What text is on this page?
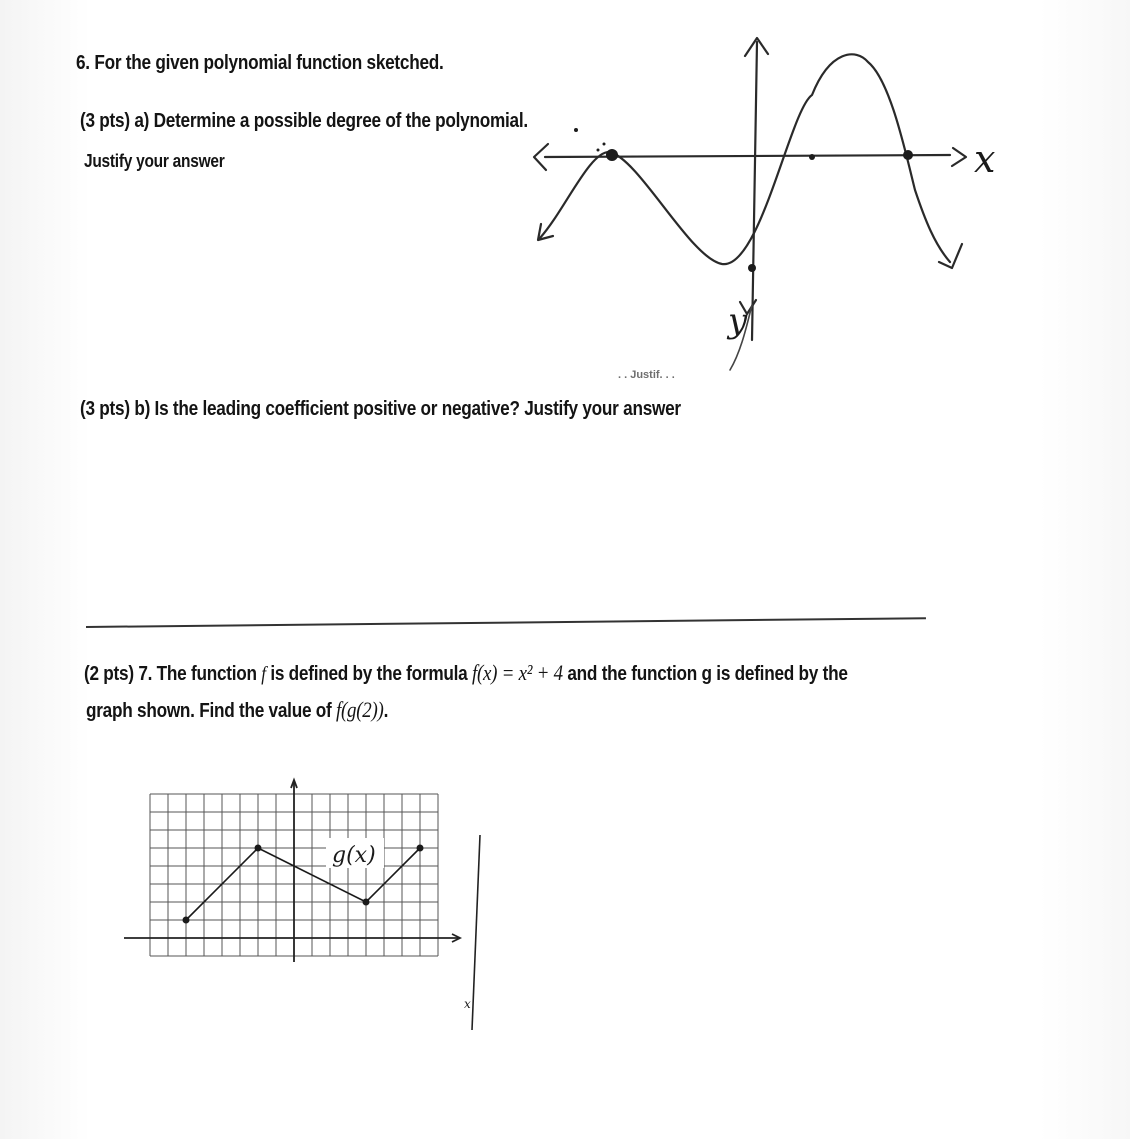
6. For the given polynomial function sketched.
(3 pts) a) Determine a possible degree of the polynomial.
Justify your answer	x
y
. . Justif. . .
(3 pts) b) Is the leading coefficient positive or negative? Justify your answer
(2 pts) 7. The function f is defined by the formula f(x) = x² + 4 and the function g is defined by the
graph shown. Find the value of f(g(2)).
g(x)
x
